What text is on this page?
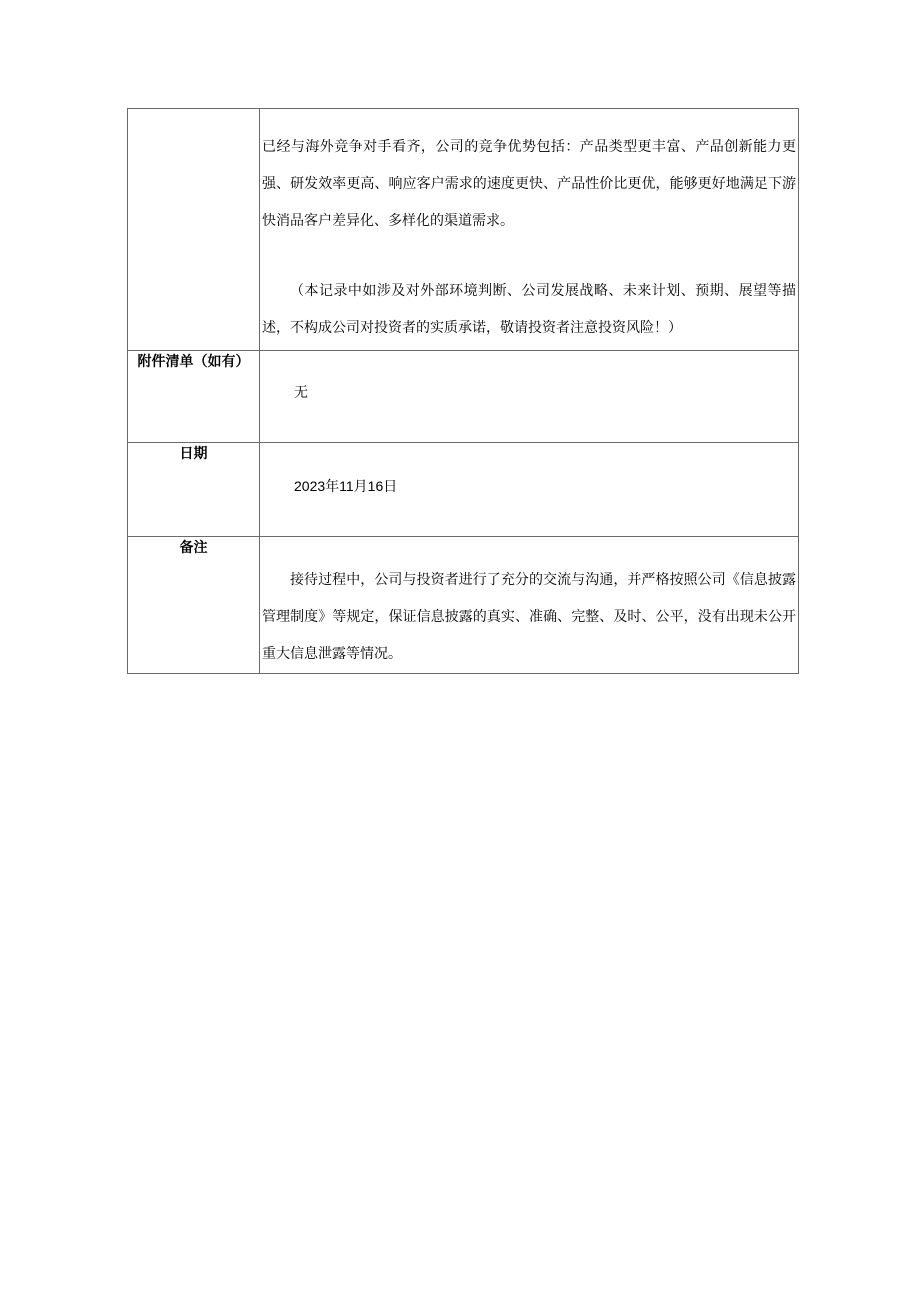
	已经与海外竞争对手看齐，公司的竞争优势包括：产品类型更丰富、产品创新能力更强、研发效率更高、响应客户需求的速度更快、产品性价比更优，能够更好地满足下游快消品客户差异化、多样化的渠道需求。

（本记录中如涉及对外部环境判断、公司发展战略、未来计划、预期、展望等描述，不构成公司对投资者的实质承诺，敬请投资者注意投资风险！）

附件清单（如有）	无

日期	2023年11月16日

备注	接待过程中，公司与投资者进行了充分的交流与沟通，并严格按照公司《信息披露管理制度》等规定，保证信息披露的真实、准确、完整、及时、公平，没有出现未公开重大信息泄露等情况。
